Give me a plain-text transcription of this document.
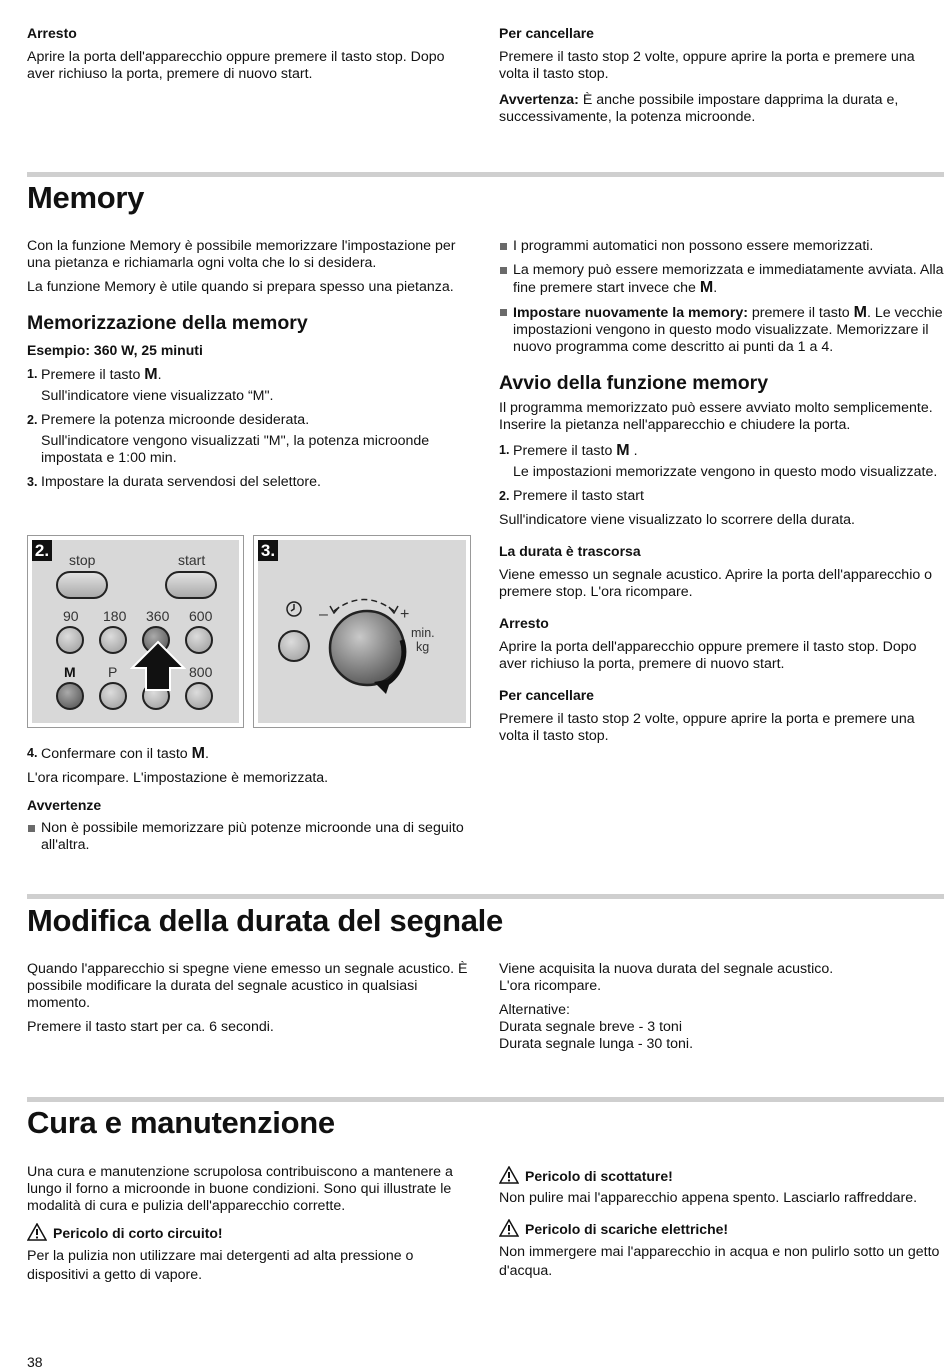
Arresto

Aprire la porta dell'apparecchio oppure premere il tasto stop. Dopo aver richiuso la porta, premere di nuovo start.

Per cancellare

Premere il tasto stop 2 volte, oppure aprire la porta e premere una volta il tasto stop.

Avvertenza: È anche possibile impostare dapprima la durata e, successivamente, la potenza microonde.

Memory

Con la funzione Memory è possibile memorizzare l'impostazione per una pietanza e richiamarla ogni volta che lo si desidera.

La funzione Memory è utile quando si prepara spesso una pietanza.

Memorizzazione della memory
Esempio: 360 W, 25 minuti
1. Premere il tasto M.

Sull'indicatore viene visualizzato “M".

2. Premere la potenza microonde desiderata.

Sull'indicatore vengono visualizzati "M", la potenza microonde impostata e 1:00 min.

3. Impostare la durata servendosi del selettore.
2. stop	start
90 180 360 600
M P	800
3.
–	+
min.
kg
4. Confermare con il tasto M.

L'ora ricompare. L'impostazione è memorizzata.

Avvertenze
Non è possibile memorizzare più potenze microonde una di seguito all'altra.
I programmi automatici non possono essere memorizzati.
La memory può essere memorizzata e immediatamente avviata. Alla fine premere start invece che M.
Impostare nuovamente la memory: premere il tasto M. Le vecchie impostazioni vengono in questo modo visualizzate. Memorizzare il nuovo programma come descritto ai punti da 1 a 4.
Avvio della funzione memory

Il programma memorizzato può essere avviato molto semplicemente. Inserire la pietanza nell'apparecchio e chiudere la porta.

1. Premere il tasto M .

Le impostazioni memorizzate vengono in questo modo visualizzate.

2. Premere il tasto start

Sull'indicatore viene visualizzato lo scorrere della durata.

La durata è trascorsa

Viene emesso un segnale acustico. Aprire la porta dell'apparecchio o premere stop. L'ora ricompare.

Arresto

Aprire la porta dell'apparecchio oppure premere il tasto stop. Dopo aver richiuso la porta, premere di nuovo start.

Per cancellare

Premere il tasto stop 2 volte, oppure aprire la porta e premere una volta il tasto stop.

Modifica della durata del segnale

Quando l'apparecchio si spegne viene emesso un segnale acustico. È possibile modificare la durata del segnale acustico in qualsiasi momento.

Premere il tasto start per ca. 6 secondi.

Viene acquisita la nuova durata del segnale acustico.

L'ora ricompare.

Alternative:

Durata segnale breve - 3 toni

Durata segnale lunga - 30 toni.

Cura e manutenzione

Una cura e manutenzione scrupolosa contribuiscono a mantenere a lungo il forno a microonde in buone condizioni. Sono qui illustrate le modalità di cura e pulizia dell'apparecchio corrette.

Pericolo di corto circuito!

Per la pulizia non utilizzare mai detergenti ad alta pressione o dispositivi a getto di vapore.

Pericolo di scottature!

Non pulire mai l'apparecchio appena spento. Lasciarlo raffreddare.

Pericolo di scariche elettriche!

Non immergere mai l'apparecchio in acqua e non pulirlo sotto un getto d'acqua.

38
